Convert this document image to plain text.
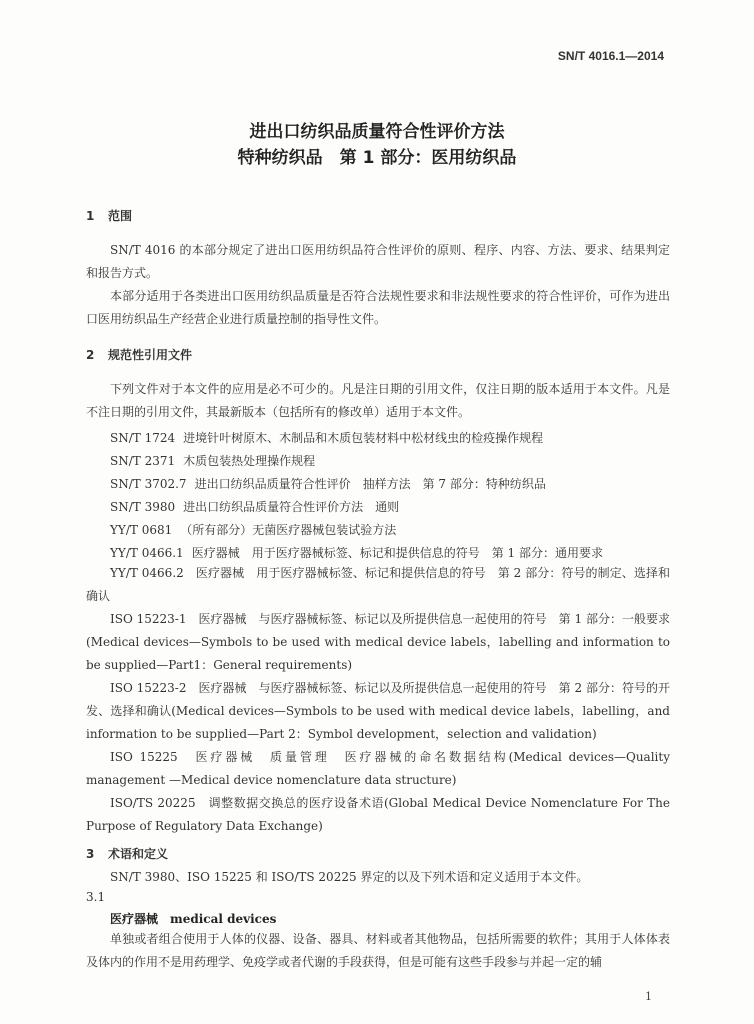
SN/T 4016.1—2014
进出口纺织品质量符合性评价方法
特种纺织品　第 1 部分：医用纺织品
1 范围
SN/T 4016 的本部分规定了进出口医用纺织品符合性评价的原则、程序、内容、方法、要求、结果判定和报告方式。
本部分适用于各类进出口医用纺织品质量是否符合法规性要求和非法规性要求的符合性评价，可作为进出口医用纺织品生产经营企业进行质量控制的指导性文件。
2 规范性引用文件
下列文件对于本文件的应用是必不可少的。凡是注日期的引用文件，仅注日期的版本适用于本文件。凡是不注日期的引用文件，其最新版本（包括所有的修改单）适用于本文件。
SN/T 1724 进境针叶树原木、木制品和木质包装材料中松材线虫的检疫操作规程
SN/T 2371 木质包装热处理操作规程
SN/T 3702.7 进出口纺织品质量符合性评价　抽样方法　第 7 部分：特种纺织品
SN/T 3980 进出口纺织品质量符合性评价方法　通则
YY/T 0681 （所有部分）无菌医疗器械包装试验方法
YY/T 0466.1 医疗器械　用于医疗器械标签、标记和提供信息的符号　第 1 部分：通用要求
YY/T 0466.2　医疗器械　用于医疗器械标签、标记和提供信息的符号　第 2 部分：符号的制定、选择和确认
ISO 15223-1　医疗器械　与医疗器械标签、标记以及所提供信息一起使用的符号　第 1 部分：一般要求(Medical devices—Symbols to be used with medical device labels，labelling and information to be supplied—Part1：General requirements)
ISO 15223-2　医疗器械　与医疗器械标签、标记以及所提供信息一起使用的符号　第 2 部分：符号的开发、选择和确认(Medical devices—Symbols to be used with medical device labels，labelling，and information to be supplied—Part 2：Symbol development，selection and validation)
ISO 15225　医疗器械　质量管理　医疗器械的命名数据结构(Medical devices—Quality management —Medical device nomenclature data structure)
ISO/TS 20225　调整数据交换总的医疗设备术语(Global Medical Device Nomenclature For The Purpose of Regulatory Data Exchange)
3 术语和定义
SN/T 3980、ISO 15225 和 ISO/TS 20225 界定的以及下列术语和定义适用于本文件。
3.1
医疗器械 medical devices
单独或者组合使用于人体的仪器、设备、器具、材料或者其他物品，包括所需要的软件；其用于人体体表及体内的作用不是用药理学、免疫学或者代谢的手段获得，但是可能有这些手段参与并起一定的辅
1
